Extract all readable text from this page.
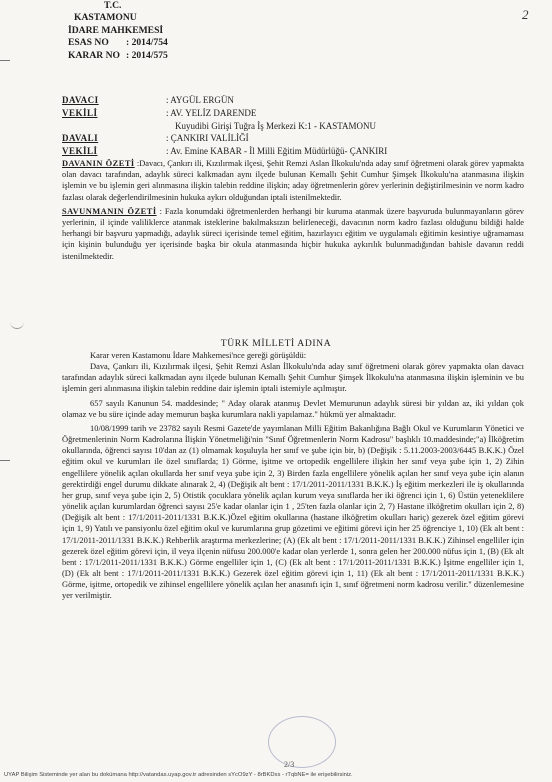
2
T.C.
KASTAMONU
İDARE MAHKEMESİ
ESAS NO	: 2014/754
KARAR NO : 2014/575
DAVACI	: AYGÜL ERGÜN
VEKİLİ	: AV. YELİZ DARENDE
Kuyudibi Girişi Tuğra İş Merkezi K:1 - KASTAMONU
DAVALI	: ÇANKIRI VALİLİĞİ
VEKİLİ	: Av. Emine KABAR - İl Milli Eğitim Müdürlüğü- ÇANKIRI
DAVANIN ÖZETİ :Davacı, Çankırı ili, Kızılırmak ilçesi, Şehit Remzi Aslan İlkokulu'nda aday sınıf öğretmeni olarak görev yapmakta olan davacı tarafından, adaylık süreci kalkmadan aynı ilçede bulunan Kemallı Şehit Cumhur Şimşek İlkokulu'na atanmasına ilişkin işlemin ve bu işlemin geri alınmasına ilişkin talebin reddine ilişkin; aday öğretmenlerin görev yerlerinin değiştirilmesinin ve norm kadro fazlası olarak değerlendirilmesinin hukuka aykırı olduğundan iptali istenilmektedir.
SAVUNMANIN ÖZETİ : Fazla konumdaki öğretmenlerden herhangi bir kuruma atanmak üzere başvuruda bulunmayanların görev yerlerinin, il içinde valiliklerce atanmak isteklerine bakılmaksızın belirleneceği, davacının norm kadro fazlası olduğunu bildiği halde herhangi bir başvuru yapmadığı, adaylık süreci içerisinde temel eğitim, hazırlayıcı eğitim ve uygulamalı eğitimin kesintiye uğramaması için kişinin bulunduğu yer içerisinde başka bir okula atanmasında hiçbir hukuka aykırılık bulunmadığından bahisle davanın reddi istenilmektedir.
TÜRK MİLLETİ ADINA

Karar veren Kastamonu İdare Mahkemesi'nce gereği görüşüldü:

Dava, Çankırı ili, Kızılırmak ilçesi, Şehit Remzi Aslan İlkokulu'nda aday sınıf öğretmeni olarak görev yapmakta olan davacı tarafından adaylık süreci kalkmadan aynı ilçede bulunan Kemallı Şehit Cumhur Şimşek İlkokulu'na atanmasına ilişkin işleminin ve bu işlemin geri alınmasına ilişkin talebin reddine dair işlemin iptali istemiyle açılmıştır.

657 sayılı Kanunun 54. maddesinde; " Aday olarak atanmış Devlet Memurunun adaylık süresi bir yıldan az, iki yıldan çok olamaz ve bu süre içinde aday memurun başka kurumlara nakli yapılamaz." hükmü yer almaktadır.

10/08/1999 tarih ve 23782 sayılı Resmi Gazete'de yayımlanan Milli Eğitim Bakanlığına Bağlı Okul ve Kurumların Yönetici ve Öğretmenlerinin Norm Kadrolarına İlişkin Yönetmeliği'nin "Sınıf Öğretmenlerin Norm Kadrosu" başlıklı 10.maddesinde;"a) İlköğretim okullarında, öğrenci sayısı 10'dan az (1) olmamak koşuluyla her sınıf ve şube için bir, b) (Değişik : 5.11.2003-2003/6445 B.K.K.) Özel eğitim okul ve kurumları ile özel sınıflarda; 1) Görme, işitme ve ortopedik engellilere ilişkin her sınıf veya şube için 1, 2) Zihin engellilere yönelik açılan okullarda her sınıf veya şube için 2, 3) Birden fazla engellilere yönelik açılan her sınıf veya şube için alanın gerektirdiği engel durumu dikkate alınarak 2, 4) (Değişik alt bent : 17/1/2011-2011/1331 B.K.K.) İş eğitim merkezleri ile iş okullarında her grup, sınıf veya şube için 2, 5) Otistik çocuklara yönelik açılan kurum veya sınıflarda her iki öğrenci için 1, 6) Üstün yeteneklilere yönelik açılan kurumlardan öğrenci sayısı 25'e kadar olanlar için 1 , 25'ten fazla olanlar için 2, 7) Hastane ilköğretim okulları için 2, 8) (Değişik alt bent : 17/1/2011-2011/1331 B.K.K.)Özel eğitim okullarına (hastane ilköğretim okulları hariç) gezerek özel eğitim görevi için 1, 9) Yatılı ve pansiyonlu özel eğitim okul ve kurumlarına grup gözetimi ve eğitimi görevi için her 25 öğrenciye 1, 10) (Ek alt bent : 17/1/2011-2011/1331 B.K.K.) Rehberlik araştırma merkezlerine; (A) (Ek alt bent : 17/1/2011-2011/1331 B.K.K.) Zihinsel engelliler için gezerek özel eğitim görevi için, il veya ilçenin nüfusu 200.000'e kadar olan yerlerde 1, sonra gelen her 200.000 nüfus için 1, (B) (Ek alt bent : 17/1/2011-2011/1331 B.K.K.) Görme engelliler için 1, (C) (Ek alt bent : 17/1/2011-2011/1331 B.K.K.) İşitme engelliler için 1, (D) (Ek alt bent : 17/1/2011-2011/1331 B.K.K.) Gezerek özel eğitim görevi için 1, 11) (Ek alt bent : 17/1/2011-2011/1331 B.K.K.) Görme, işitme, ortopedik ve zihinsel engellilere yönelik açılan her anasınıfı için 1, sınıf öğretmeni norm kadrosu verilir." düzenlemesine yer verilmiştir.

2/3
UYAP Bilişim Sisteminde yer alan bu dokümana http://vatandas.uyap.gov.tr adresinden sYcO9zY - 8rBKDxs - rTqbNE= ile erişebilirsiniz.
